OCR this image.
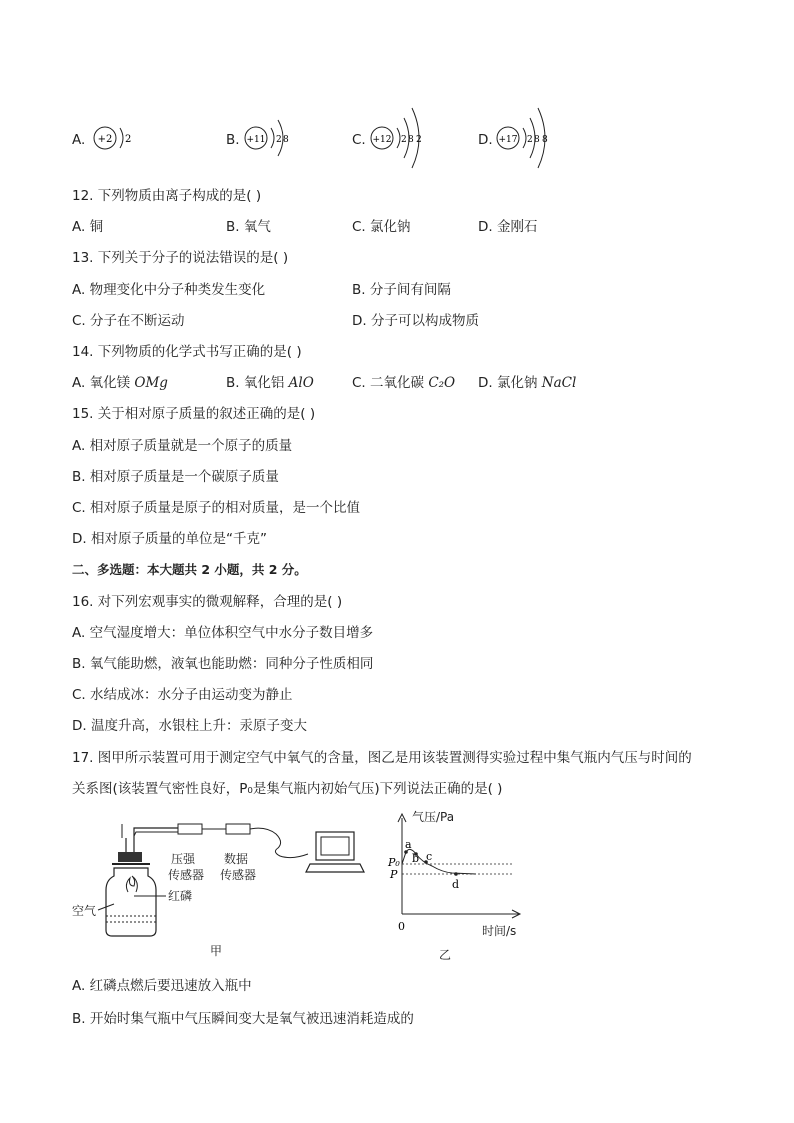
A. +2 2	B. +11 2 8	C. +12 2 8 2	D. +17 2 8 8
12. 下列物质由离子构成的是( )
A. 铜	B. 氧气	C. 氯化钠	D. 金刚石
13. 下列关于分子的说法错误的是( )
A. 物理变化中分子种类发生变化	B. 分子间有间隔
C. 分子在不断运动	D. 分子可以构成物质
14. 下列物质的化学式书写正确的是( )
A. 氧化镁 OMg	B. 氧化铝 AlO	C. 二氧化碳 C₂O D. 氯化钠 NaCl
15. 关于相对原子质量的叙述正确的是( )
A. 相对原子质量就是一个原子的质量
B. 相对原子质量是一个碳原子质量
C. 相对原子质量是原子的相对质量，是一个比值
D. 相对原子质量的单位是“千克”
二、多选题：本大题共 2 小题，共 2 分。
16. 对下列宏观事实的微观解释，合理的是( )
A. 空气湿度增大：单位体积空气中水分子数目增多
B. 氧气能助燃，液氧也能助燃：同种分子性质相同
C. 水结成冰：水分子由运动变为静止
D. 温度升高，水银柱上升：汞原子变大
17. 图甲所示装置可用于测定空气中氧气的含量，图乙是用该装置测得实验过程中集气瓶内气压与时间的
关系图(该装置气密性良好，P₀是集气瓶内初始气压)下列说法正确的是( )
压强
传感器
数据
传感器
红磷
空气
甲
a
b c
d
P₀
P
0
气压/Pa
时间/s
乙
A. 红磷点燃后要迅速放入瓶中
B. 开始时集气瓶中气压瞬间变大是氧气被迅速消耗造成的
